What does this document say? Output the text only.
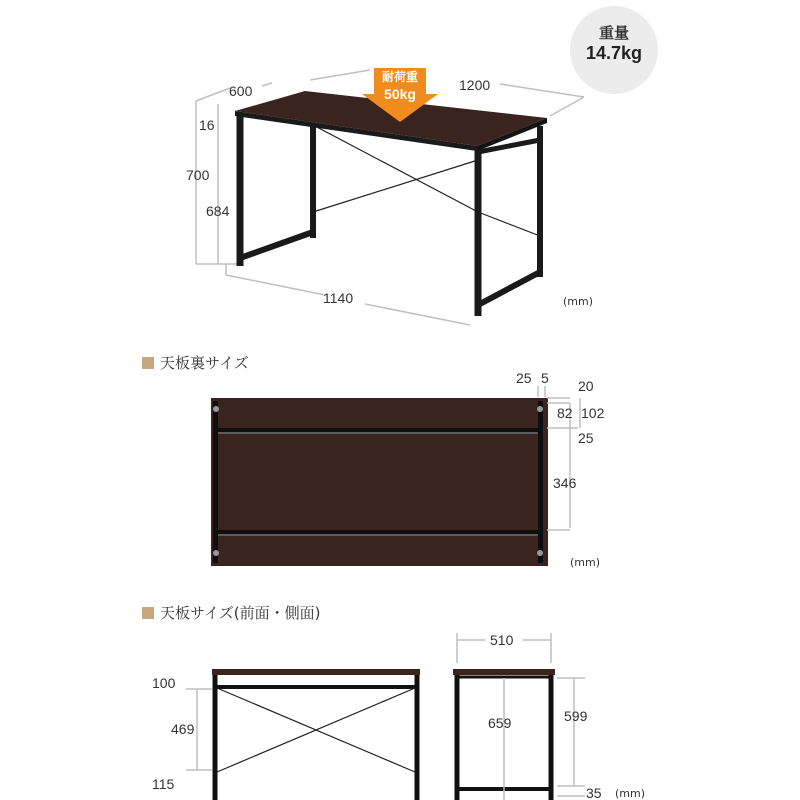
重量
14.7kg
天板裏サイズ
天板サイズ(前面・側面)
600	1200
16
700
684
1140	(mm)
耐荷重
50kg
25 5 20
82 102
25
346
(mm)
100
469
115
510
659	599
35 (mm)
